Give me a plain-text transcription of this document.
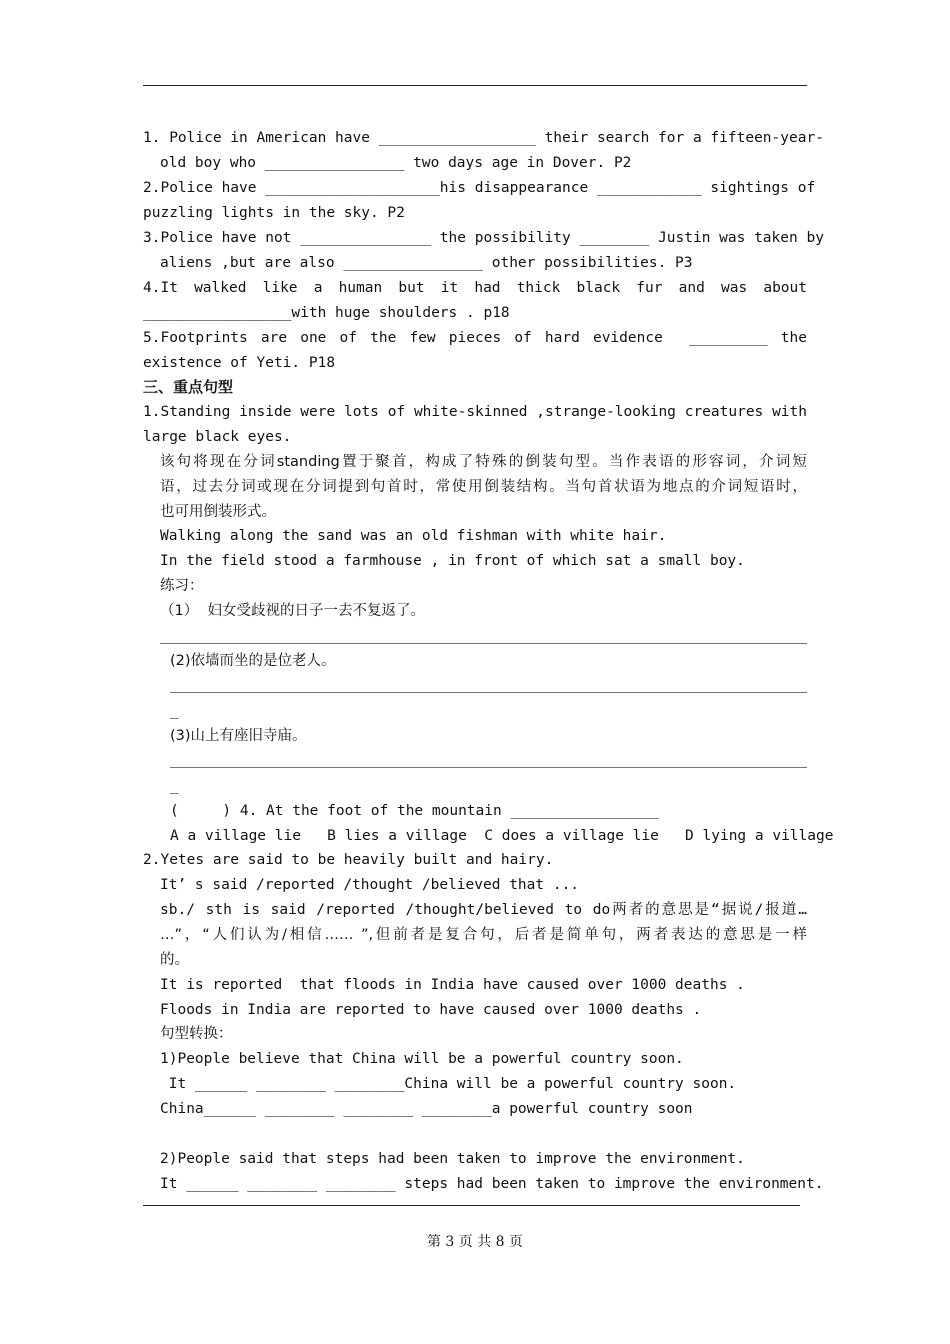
1. Police in American have __________________ their search for a fifteen-year-
old boy who ________________ two days age in Dover. P2
2.Police have ____________________his disappearance ____________ sightings of
puzzling lights in the sky. P2
3.Police have not _______________ the possibility ________ Justin was taken by
aliens ,but are also ________________ other possibilities. P3
4.It walked like a human but it had thick black fur and was about
_________________with huge shoulders . p18
5.Footprints are one of the few pieces of hard evidence  _________ the
existence of Yeti. P18
三、重点句型
1.Standing inside were lots of white-skinned ,strange-looking creatures with
large black eyes.
该句将现在分词standing置于聚首，构成了特殊的倒装句型。当作表语的形容词，介词短
语，过去分词或现在分词提到句首时，常使用倒装结构。当句首状语为地点的介词短语时，
也可用倒装形式。
Walking along the sand was an old fishman with white hair.
In the field stood a farmhouse , in front of which sat a small boy.
练习：
（1）  妇女受歧视的日子一去不复返了。
(2)依墙而坐的是位老人。
_
(3)山上有座旧寺庙。
_
(     ) 4. At the foot of the mountain _________________
A a village lie   B lies a village  C does a village lie   D lying a village
2.Yetes are said to be heavily built and hairy.
It’ s said /reported /thought /believed that ...
sb./ sth is said /reported /thought/believed to do两者的意思是“据说/报道…
…”，“人们认为/相信…… ”,但前者是复合句，后者是简单句，两者表达的意思是一样
的。
It is reported  that floods in India have caused over 1000 deaths .
Floods in India are reported to have caused over 1000 deaths .
句型转换：
1)People believe that China will be a powerful country soon.
It ______ ________ ________China will be a powerful country soon.
China______ ________ ________ ________a powerful country soon
2)People said that steps had been taken to improve the environment.
It ______ ________ ________ steps had been taken to improve the environment.
第 3 页 共 8 页
